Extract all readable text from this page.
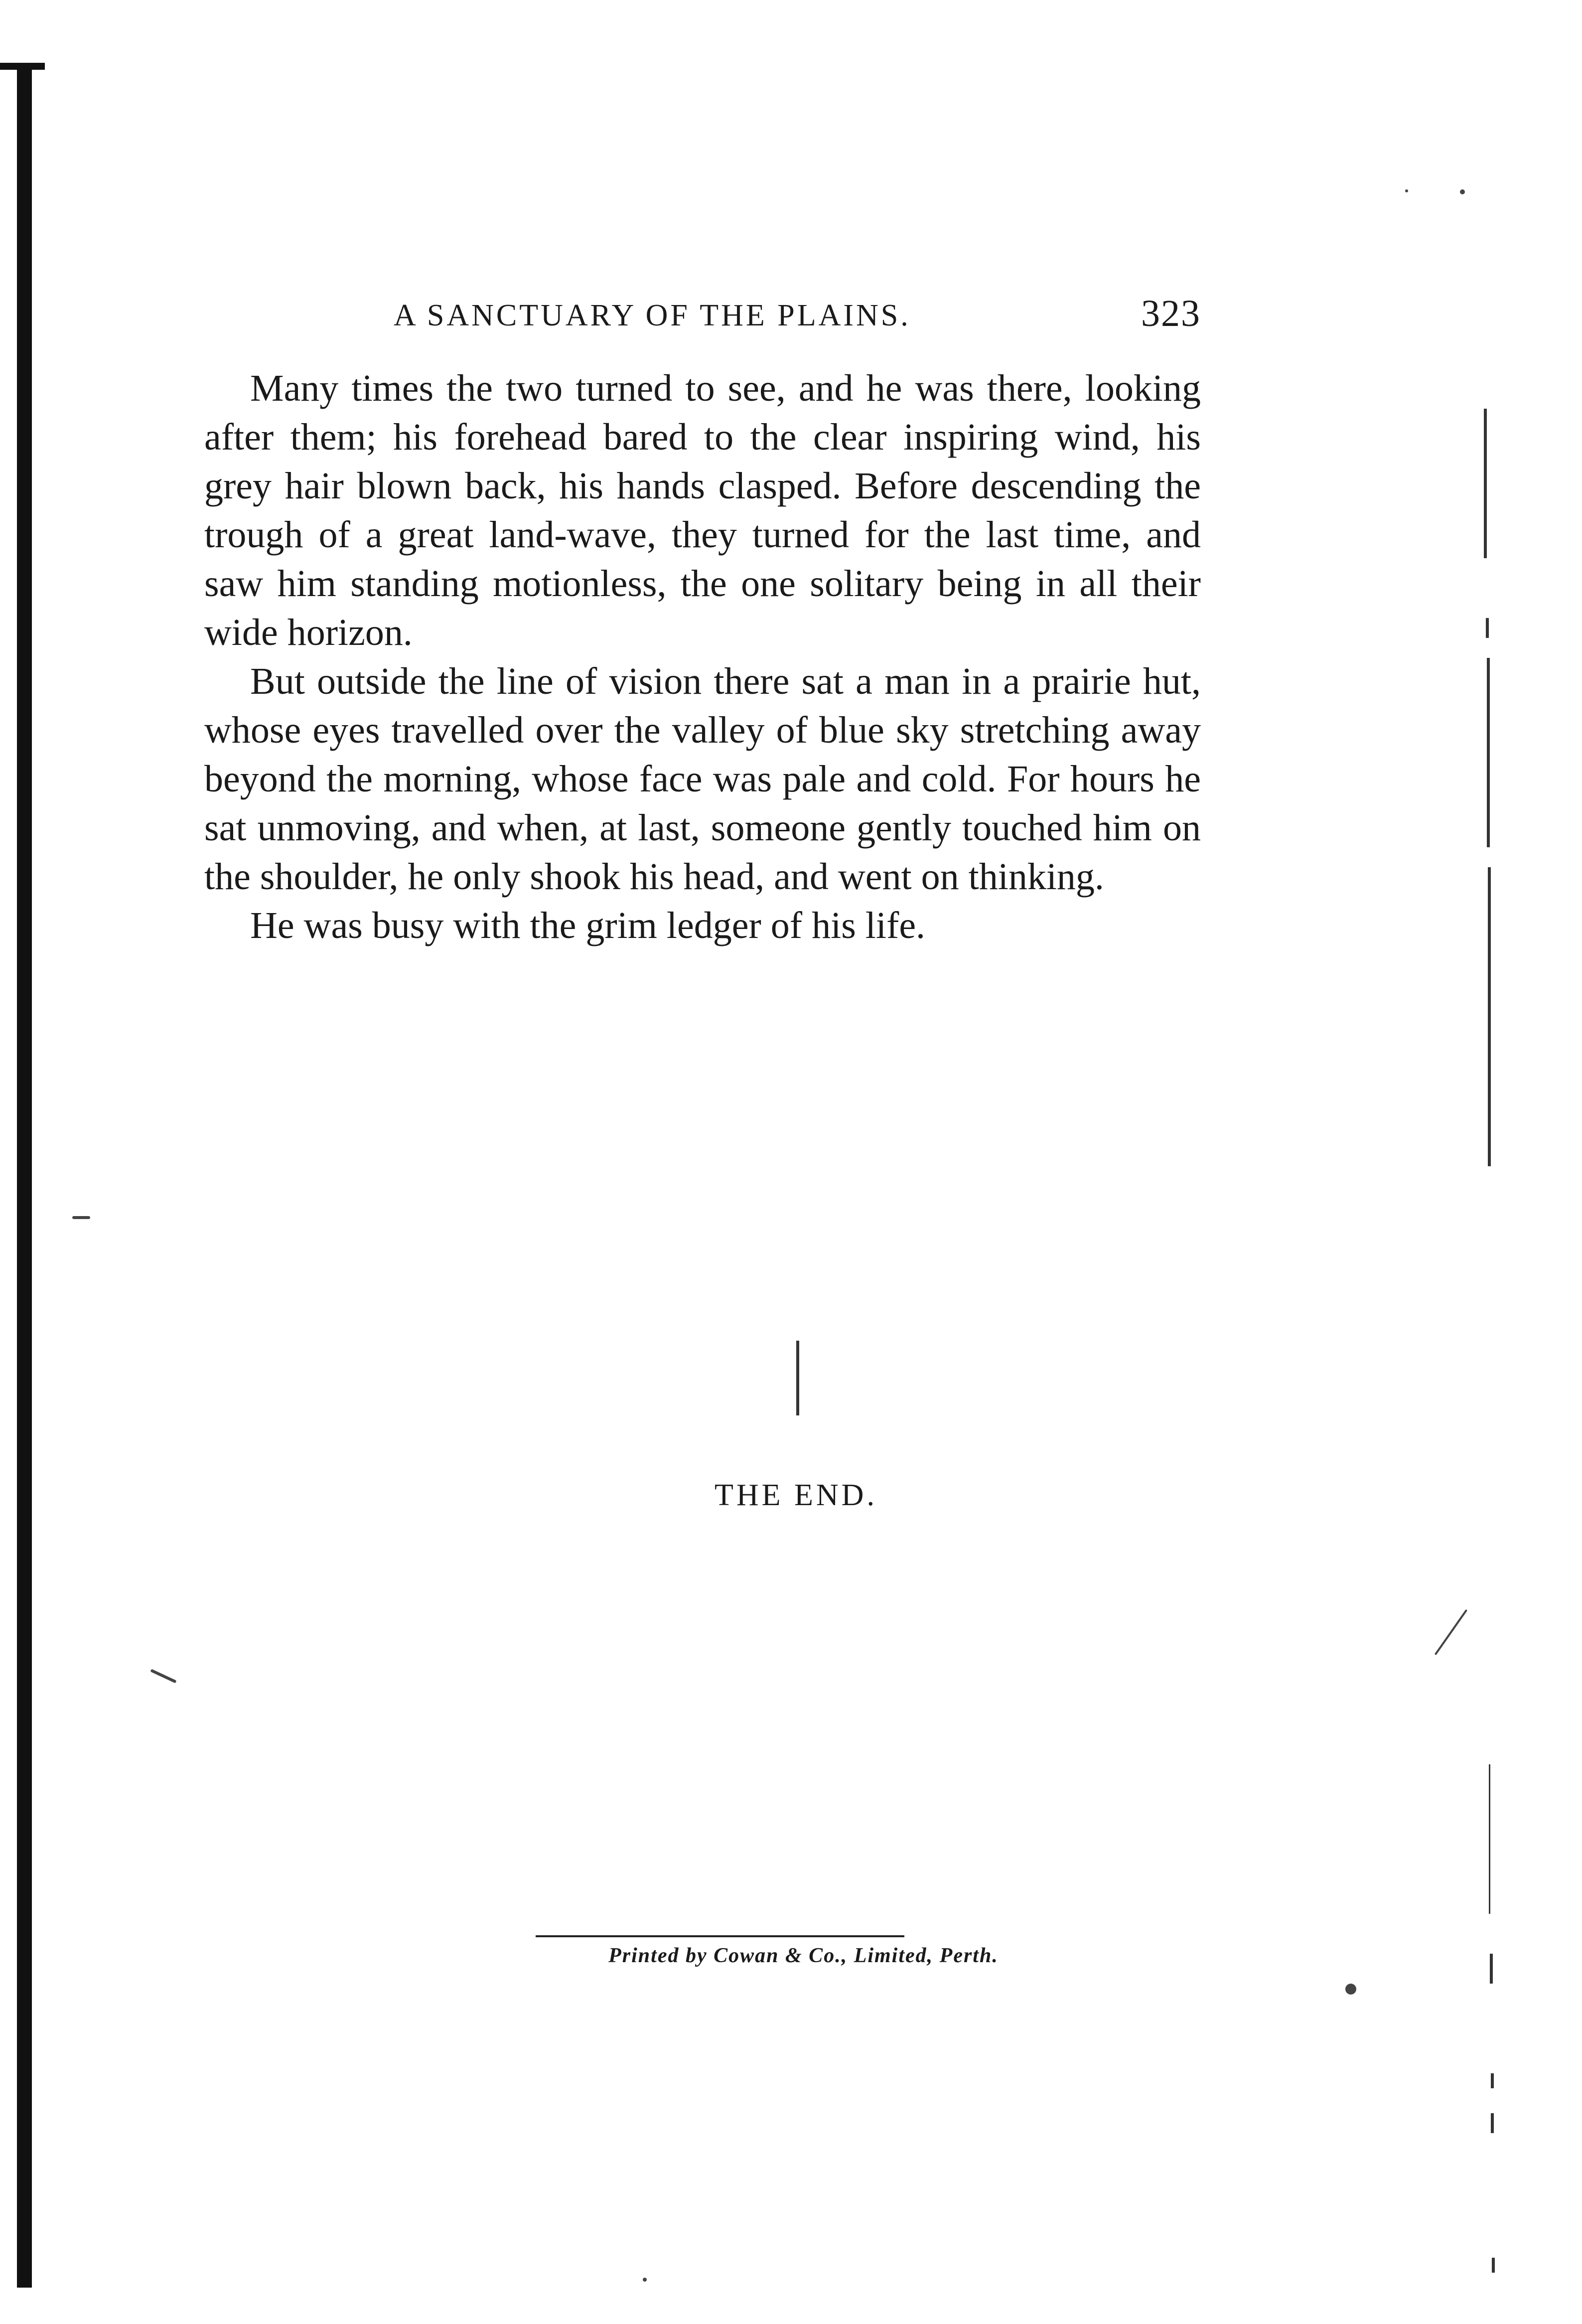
A SANCTUARY OF THE PLAINS.	323

Many times the two turned to see, and he was there, looking after them; his forehead bared to the clear inspiring wind, his grey hair blown back, his hands clasped. Before descending the trough of a great land-wave, they turned for the last time, and saw him standing motionless, the one solitary being in all their wide horizon.

But outside the line of vision there sat a man in a prairie hut, whose eyes travelled over the valley of blue sky stretching away beyond the morning, whose face was pale and cold. For hours he sat unmoving, and when, at last, someone gently touched him on the shoulder, he only shook his head, and went on thinking.

He was busy with the grim ledger of his life.

THE END.
Printed by Cowan & Co., Limited, Perth.
